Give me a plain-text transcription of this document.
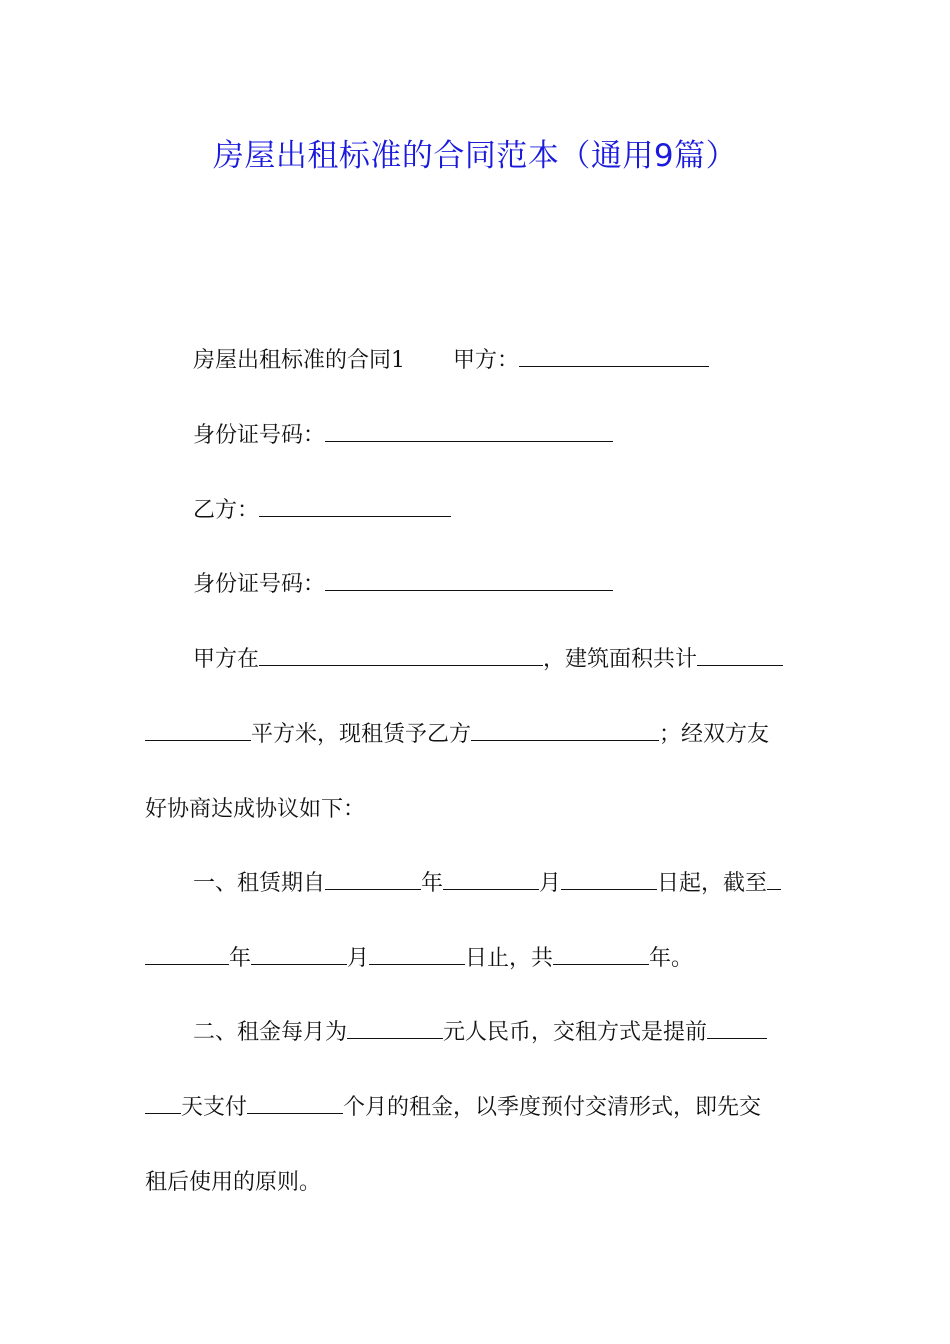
房屋出租标准的合同范本（通用9篇）
房屋出租标准的合同1 甲方：
身份证号码：
乙方：
身份证号码：
甲方在	，建筑面积共计
平方米，现租赁予乙方	；经双方友
好协商达成协议如下：
一、租赁期自	年	月	日起，截至
年	月	日止，共	年。
二、租金每月为	元人民币，交租方式是提前
天支付	个月的租金，以季度预付交清形式，即先交
租后使用的原则。
